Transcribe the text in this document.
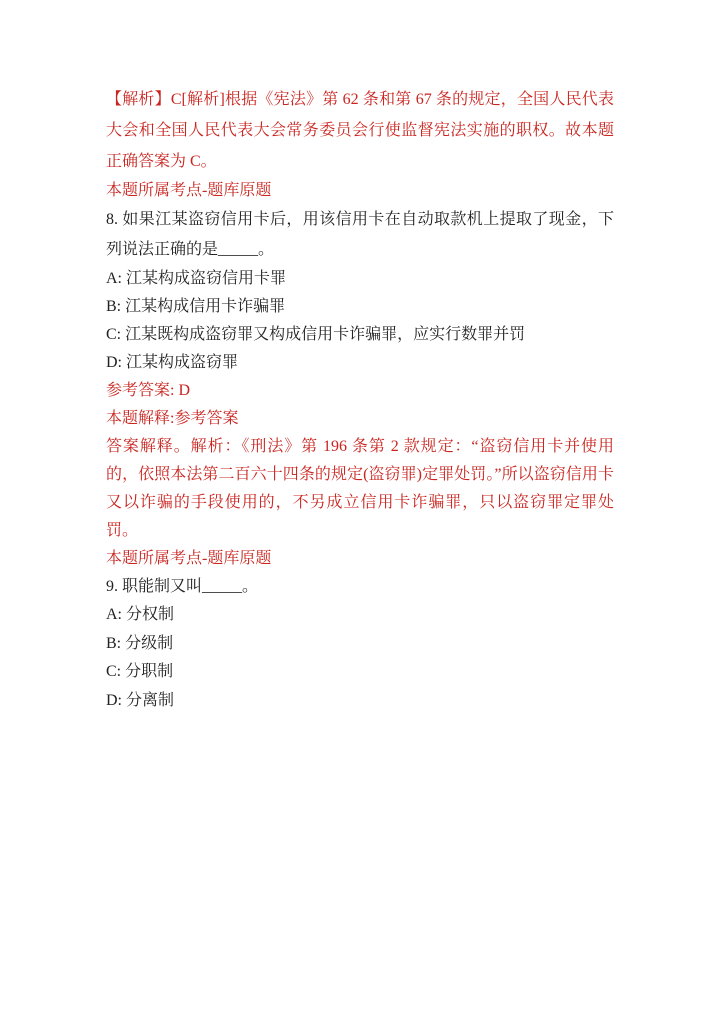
【解析】C[解析]根据《宪法》第 62 条和第 67 条的规定，全国人民代表大会和全国人民代表大会常务委员会行使监督宪法实施的职权。故本题正确答案为 C。

本题所属考点-题库原题

8. 如果江某盗窃信用卡后，用该信用卡在自动取款机上提取了现金，下列说法正确的是_____。

A: 江某构成盗窃信用卡罪

B: 江某构成信用卡诈骗罪

C: 江某既构成盗窃罪又构成信用卡诈骗罪，应实行数罪并罚

D: 江某构成盗窃罪

参考答案: D

本题解释:参考答案

答案解释。解析：《刑法》第 196 条第 2 款规定：“盗窃信用卡并使用的，依照本法第二百六十四条的规定(盗窃罪)定罪处罚。”所以盗窃信用卡又以诈骗的手段使用的，不另成立信用卡诈骗罪，只以盗窃罪定罪处罚。

本题所属考点-题库原题

9. 职能制又叫_____。

A: 分权制

B: 分级制

C: 分职制

D: 分离制
